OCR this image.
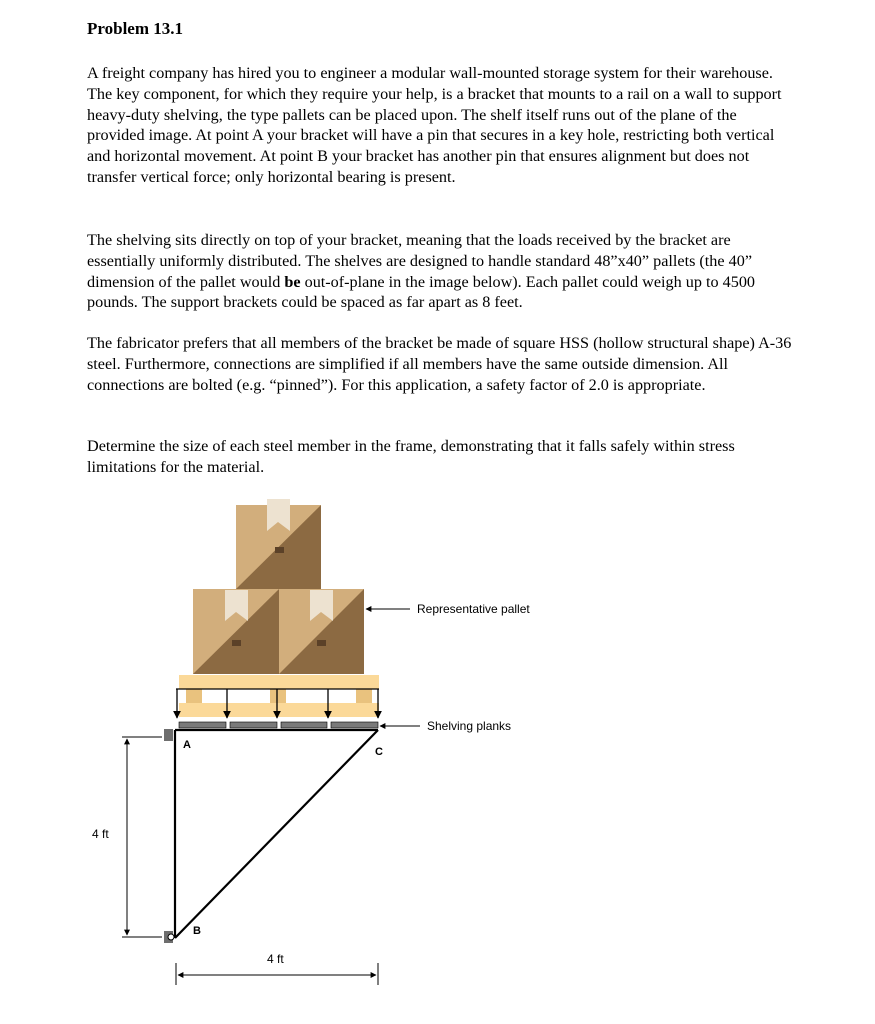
Problem 13.1

A freight company has hired you to engineer a modular wall-mounted storage system for their warehouse. The key component, for which they require your help, is a bracket that mounts to a rail on a wall to support heavy-duty shelving, the type pallets can be placed upon. The shelf itself runs out of the plane of the provided image. At point A your bracket will have a pin that secures in a key hole, restricting both vertical and horizontal movement. At point B your bracket has another pin that ensures alignment but does not transfer vertical force; only horizontal bearing is present.

The shelving sits directly on top of your bracket, meaning that the loads received by the bracket are essentially uniformly distributed. The shelves are designed to handle standard 48”x40” pallets (the 40” dimension of the pallet would be out-of-plane in the image below). Each pallet could weigh up to 4500 pounds. The support brackets could be spaced as far apart as 8 feet.

The fabricator prefers that all members of the bracket be made of square HSS (hollow structural shape) A-36 steel. Furthermore, connections are simplified if all members have the same outside dimension. All connections are bolted (e.g. “pinned”). For this application, a safety factor of 2.0 is appropriate.

Determine the size of each steel member in the frame, demonstrating that it falls safely within stress limitations for the material.

A
B
C
Representative pallet
Shelving planks
4 ft
4 ft
